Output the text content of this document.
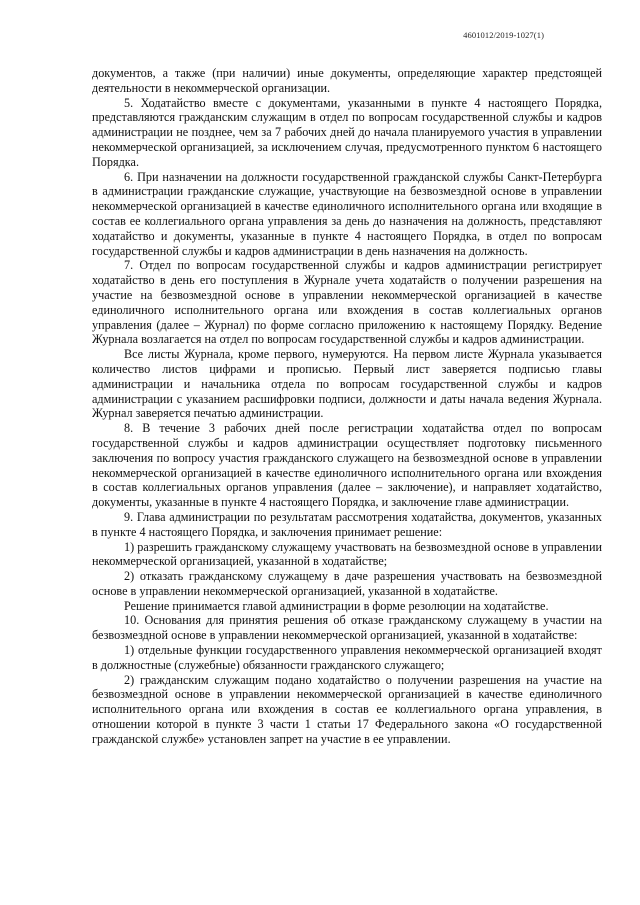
4601012/2019-1027(1)

документов, а также (при наличии) иные документы, определяющие характер предстоящей деятельности в некоммерческой организации.

5. Ходатайство вместе с документами, указанными в пункте 4 настоящего Порядка, представляются гражданским служащим в отдел по вопросам государственной службы и кадров администрации не позднее, чем за 7 рабочих дней до начала планируемого участия в управлении некоммерческой организацией, за исключением случая, предусмотренного пунктом 6 настоящего Порядка.

6. При назначении на должности государственной гражданской службы Санкт-Петербурга в администрации гражданские служащие, участвующие на безвозмездной основе в управлении некоммерческой организацией в качестве единоличного исполнительного органа или входящие в состав ее коллегиального органа управления за день до назначения на должность, представляют ходатайство и документы, указанные в пункте 4 настоящего Порядка, в отдел по вопросам государственной службы и кадров администрации в день назначения на должность.

7. Отдел по вопросам государственной службы и кадров администрации регистрирует ходатайство в день его поступления в Журнале учета ходатайств о получении разрешения на участие на безвозмездной основе в управлении некоммерческой организацией в качестве единоличного исполнительного органа или вхождения в состав коллегиальных органов управления (далее – Журнал) по форме согласно приложению к настоящему Порядку. Ведение Журнала возлагается на отдел по вопросам государственной службы и кадров администрации.

Все листы Журнала, кроме первого, нумеруются. На первом листе Журнала указывается количество листов цифрами и прописью. Первый лист заверяется подписью главы администрации и начальника отдела по вопросам государственной службы и кадров администрации с указанием расшифровки подписи, должности и даты начала ведения Журнала. Журнал заверяется печатью администрации.

8. В течение 3 рабочих дней после регистрации ходатайства отдел по вопросам государственной службы и кадров администрации осуществляет подготовку письменного заключения по вопросу участия гражданского служащего на безвозмездной основе в управлении некоммерческой организацией в качестве единоличного исполнительного органа или вхождения в состав коллегиальных органов управления (далее – заключение), и направляет ходатайство, документы, указанные в пункте 4 настоящего Порядка, и заключение главе администрации.

9. Глава администрации по результатам рассмотрения ходатайства, документов, указанных в пункте 4 настоящего Порядка, и заключения принимает решение:

1) разрешить гражданскому служащему участвовать на безвозмездной основе в управлении некоммерческой организацией, указанной в ходатайстве;

2) отказать гражданскому служащему в даче разрешения участвовать на безвозмездной основе в управлении некоммерческой организацией, указанной в ходатайстве.

Решение принимается главой администрации в форме резолюции на ходатайстве.

10. Основания для принятия решения об отказе гражданскому служащему в участии на безвозмездной основе в управлении некоммерческой организацией, указанной в ходатайстве:

1) отдельные функции государственного управления некоммерческой организацией входят в должностные (служебные) обязанности гражданского служащего;

2) гражданским служащим подано ходатайство о получении разрешения на участие на безвозмездной основе в управлении некоммерческой организацией в качестве единоличного исполнительного органа или вхождения в состав ее коллегиального органа управления, в отношении которой в пункте 3 части 1 статьи 17 Федерального закона «О государственной гражданской службе» установлен запрет на участие в ее управлении.
